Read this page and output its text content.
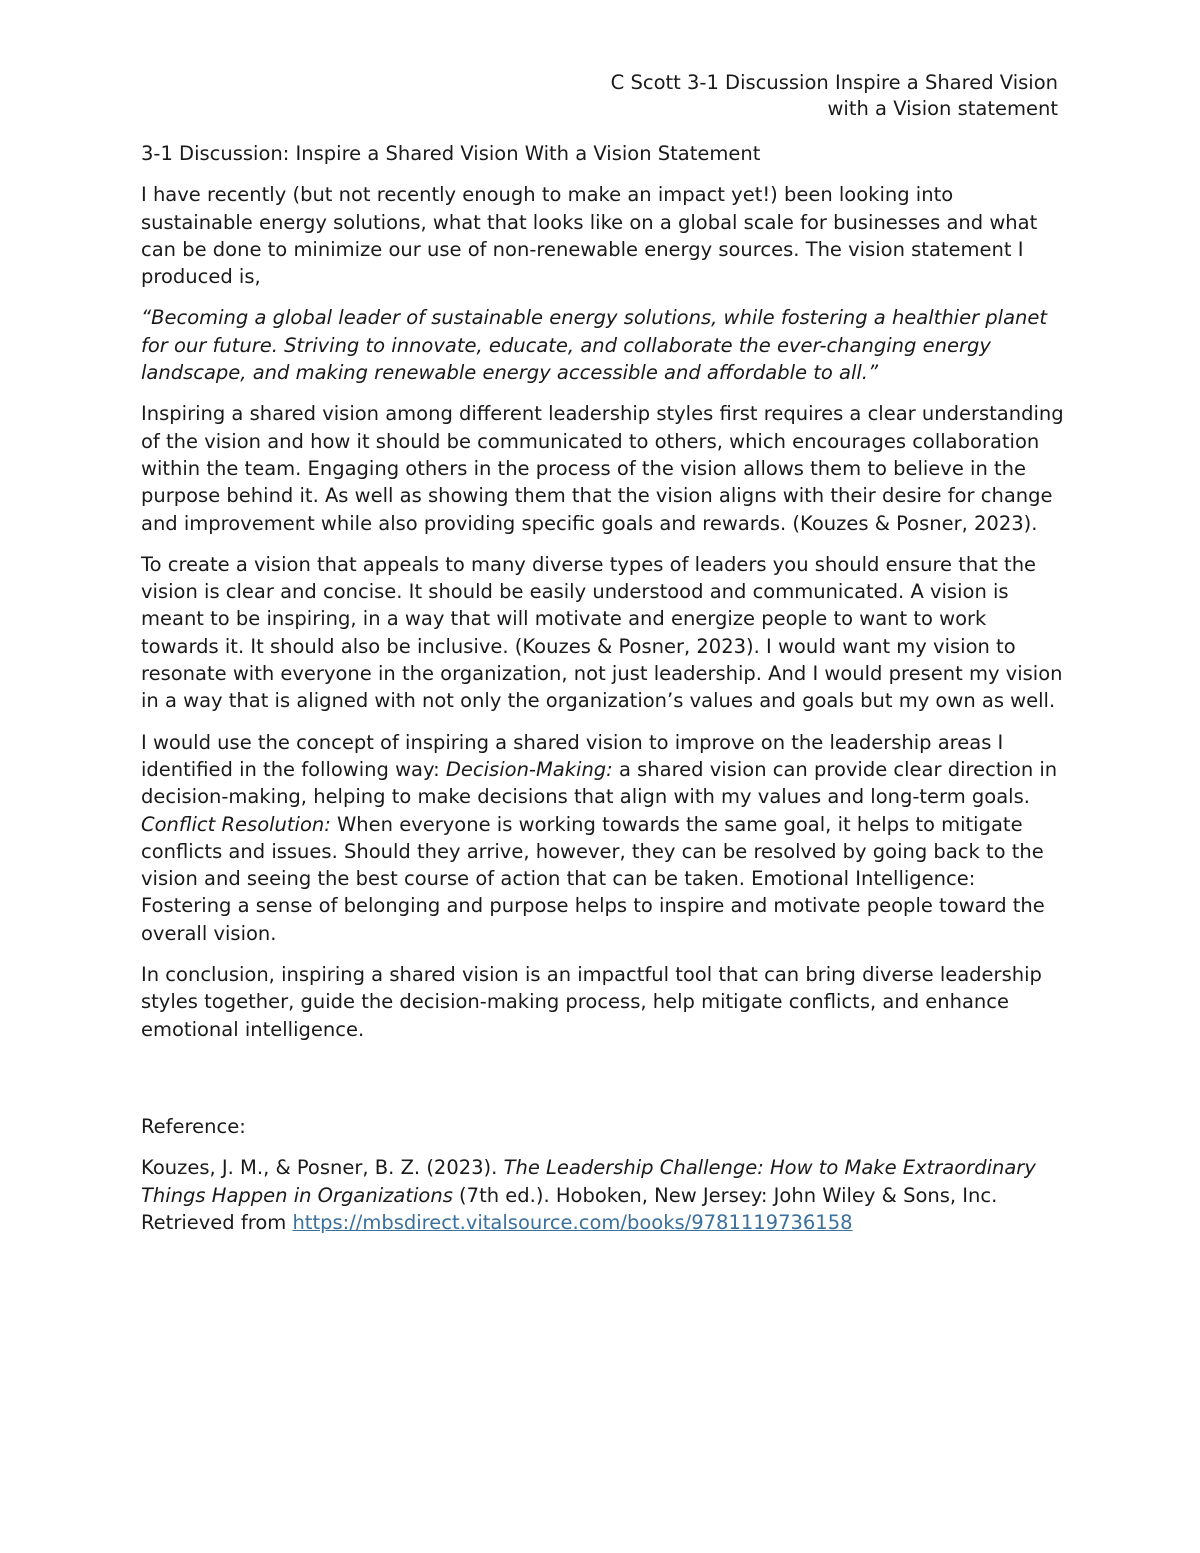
C Scott 3-1 Discussion Inspire a Shared Vision
with a Vision statement

3-1 Discussion: Inspire a Shared Vision With a Vision Statement

I have recently (but not recently enough to make an impact yet!) been looking into sustainable energy solutions, what that looks like on a global scale for businesses and what can be done to minimize our use of non-renewable energy sources. The vision statement I produced is,

“Becoming a global leader of sustainable energy solutions, while fostering a healthier planet for our future. Striving to innovate, educate, and collaborate the ever-changing energy landscape, and making renewable energy accessible and affordable to all.”

Inspiring a shared vision among different leadership styles first requires a clear understanding of the vision and how it should be communicated to others, which encourages collaboration within the team. Engaging others in the process of the vision allows them to believe in the purpose behind it. As well as showing them that the vision aligns with their desire for change and improvement while also providing specific goals and rewards. (Kouzes & Posner, 2023).

To create a vision that appeals to many diverse types of leaders you should ensure that the vision is clear and concise. It should be easily understood and communicated. A vision is meant to be inspiring, in a way that will motivate and energize people to want to work towards it. It should also be inclusive. (Kouzes & Posner, 2023). I would want my vision to resonate with everyone in the organization, not just leadership. And I would present my vision in a way that is aligned with not only the organization’s values and goals but my own as well.

I would use the concept of inspiring a shared vision to improve on the leadership areas I identified in the following way: Decision-Making: a shared vision can provide clear direction in decision-making, helping to make decisions that align with my values and long-term goals. Conflict Resolution: When everyone is working towards the same goal, it helps to mitigate conflicts and issues. Should they arrive, however, they can be resolved by going back to the vision and seeing the best course of action that can be taken. Emotional Intelligence: Fostering a sense of belonging and purpose helps to inspire and motivate people toward the overall vision.

In conclusion, inspiring a shared vision is an impactful tool that can bring diverse leadership styles together, guide the decision-making process, help mitigate conflicts, and enhance emotional intelligence.

Reference:

Kouzes, J. M., & Posner, B. Z. (2023). The Leadership Challenge: How to Make Extraordinary Things Happen in Organizations (7th ed.). Hoboken, New Jersey: John Wiley & Sons, Inc. Retrieved from https://mbsdirect.vitalsource.com/books/9781119736158
